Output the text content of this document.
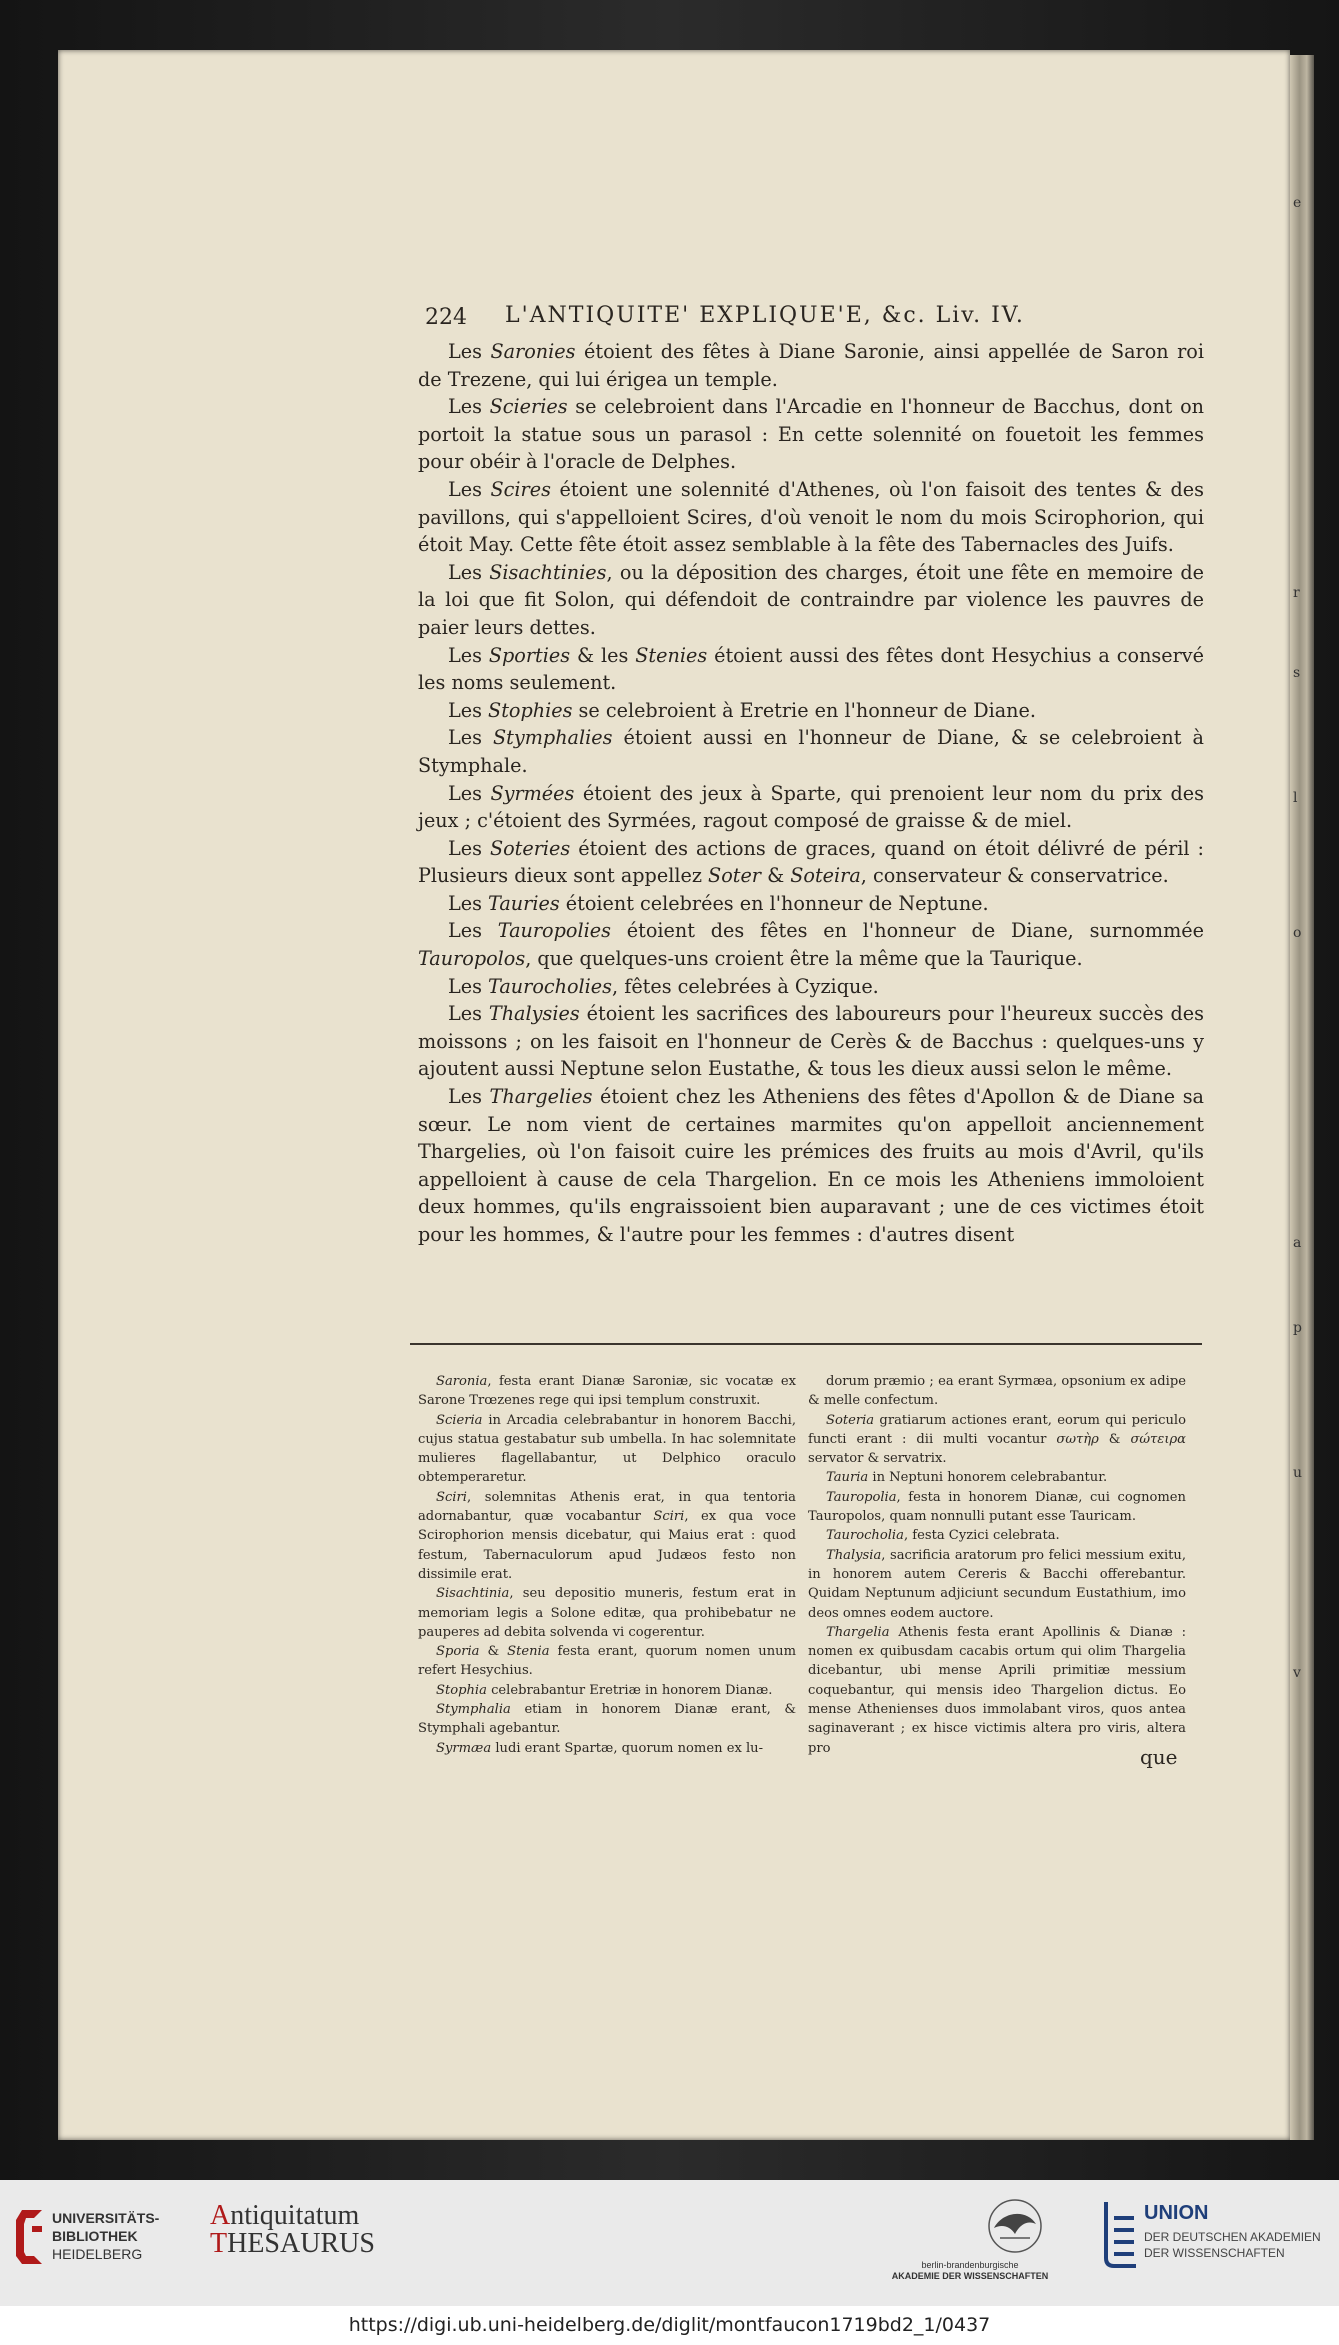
e
r
s
l
o
a
p
u
v
224 L'ANTIQUITE' EXPLIQUE'E, &c. Liv. IV.

Les Saronies étoient des fêtes à Diane Saronie, ainsi appellée de Saron roi de Trezene, qui lui érigea un temple.

Les Scieries se celebroient dans l'Arcadie en l'honneur de Bacchus, dont on portoit la statue sous un parasol : En cette solennité on fouetoit les femmes pour obéir à l'oracle de Delphes.

Les Scires étoient une solennité d'Athenes, où l'on faisoit des tentes & des pavillons, qui s'appelloient Scires, d'où venoit le nom du mois Scirophorion, qui étoit May. Cette fête étoit assez semblable à la fête des Tabernacles des Juifs.

Les Sisachtinies, ou la déposition des charges, étoit une fête en memoire de la loi que fit Solon, qui défendoit de contraindre par violence les pauvres de paier leurs dettes.

Les Sporties & les Stenies étoient aussi des fêtes dont Hesychius a conservé les noms seulement.

Les Stophies se celebroient à Eretrie en l'honneur de Diane.

Les Stymphalies étoient aussi en l'honneur de Diane, & se celebroient à Stymphale.

Les Syrmées étoient des jeux à Sparte, qui prenoient leur nom du prix des jeux ; c'étoient des Syrmées, ragout composé de graisse & de miel.

Les Soteries étoient des actions de graces, quand on étoit délivré de péril : Plusieurs dieux sont appellez Soter & Soteira, conservateur & conservatrice.

Les Tauries étoient celebrées en l'honneur de Neptune.

Les Tauropolies étoient des fêtes en l'honneur de Diane, surnommée Tauropolos, que quelques-uns croient être la même que la Taurique.

Les Taurocholies, fêtes celebrées à Cyzique.

Les Thalysies étoient les sacrifices des laboureurs pour l'heureux succès des moissons ; on les faisoit en l'honneur de Cerès & de Bacchus : quelques-uns y ajoutent aussi Neptune selon Eustathe, & tous les dieux aussi selon le même.

Les Thargelies étoient chez les Atheniens des fêtes d'Apollon & de Diane sa sœur. Le nom vient de certaines marmites qu'on appelloit anciennement Thargelies, où l'on faisoit cuire les prémices des fruits au mois d'Avril, qu'ils appelloient à cause de cela Thargelion. En ce mois les Atheniens immoloient deux hommes, qu'ils engraissoient bien auparavant ; une de ces victimes étoit pour les hommes, & l'autre pour les femmes : d'autres disent

Saronia, festa erant Dianæ Saroniæ, sic vocatæ ex Sarone Trœzenes rege qui ipsi templum construxit.

Scieria in Arcadia celebrabantur in honorem Bacchi, cujus statua gestabatur sub umbella. In hac solemnitate mulieres flagellabantur, ut Delphico oraculo obtemperaretur.

Sciri, solemnitas Athenis erat, in qua tentoria adornabantur, quæ vocabantur Sciri, ex qua voce Scirophorion mensis dicebatur, qui Maius erat : quod festum, Tabernaculorum apud Judæos festo non dissimile erat.

Sisachtinia, seu depositio muneris, festum erat in memoriam legis a Solone editæ, qua prohibebatur ne pauperes ad debita solvenda vi cogerentur.

Sporia & Stenia festa erant, quorum nomen unum refert Hesychius.

Stophia celebrabantur Eretriæ in honorem Dianæ.

Stymphalia etiam in honorem Dianæ erant, & Stymphali agebantur.

Syrmæa ludi erant Spartæ, quorum nomen ex lu-

dorum præmio ; ea erant Syrmæa, opsonium ex adipe & melle confectum.

Soteria gratiarum actiones erant, eorum qui periculo functi erant : dii multi vocantur σωτὴρ & σώτειρα servator & servatrix.

Tauria in Neptuni honorem celebrabantur.

Tauropolia, festa in honorem Dianæ, cui cognomen Tauropolos, quam nonnulli putant esse Tauricam.

Taurocholia, festa Cyzici celebrata.

Thalysia, sacrificia aratorum pro felici messium exitu, in honorem autem Cereris & Bacchi offerebantur. Quidam Neptunum adjiciunt secundum Eustathium, imo deos omnes eodem auctore.

Thargelia Athenis festa erant Apollinis & Dianæ : nomen ex quibusdam cacabis ortum qui olim Thargelia dicebantur, ubi mense Aprili primitiæ messium coquebantur, qui mensis ideo Thargelion dictus. Eo mense Athenienses duos immolabant viros, quos antea saginaverant ; ex hisce victimis altera pro viris, altera pro	que
UNIVERSITÄTS-
BIBLIOTHEK
HEIDELBERG
Antiquitatum
THESAURUS
berlin-brandenburgische
AKADEMIE DER WISSENSCHAFTEN
UNION
DER DEUTSCHEN AKADEMIEN
DER WISSENSCHAFTEN
https://digi.ub.uni-heidelberg.de/diglit/montfaucon1719bd2_1/0437
